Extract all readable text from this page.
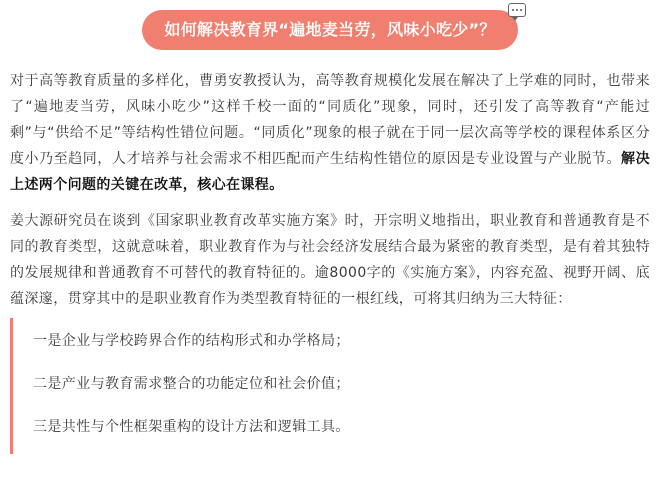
如何解决教育界“遍地麦当劳，风味小吃少”？

对于高等教育质量的多样化，曹勇安教授认为，高等教育规模化发展在解决了上学难的同时，也带来了“遍地麦当劳，风味小吃少”这样千校一面的“同质化”现象，同时，还引发了高等教育“产能过剩”与“供给不足”等结构性错位问题。“同质化”现象的根子就在于同一层次高等学校的课程体系区分度小乃至趋同，人才培养与社会需求不相匹配而产生结构性错位的原因是专业设置与产业脱节。解决上述两个问题的关键在改革，核心在课程。

姜大源研究员在谈到《国家职业教育改革实施方案》时，开宗明义地指出，职业教育和普通教育是不同的教育类型，这就意味着，职业教育作为与社会经济发展结合最为紧密的教育类型，是有着其独特的发展规律和普通教育不可替代的教育特征的。逾8000字的《实施方案》，内容充盈、视野开阔、底蕴深邃，贯穿其中的是职业教育作为类型教育特征的一根红线，可将其归纳为三大特征：

一是企业与学校跨界合作的结构形式和办学格局；
二是产业与教育需求整合的功能定位和社会价值；
三是共性与个性框架重构的设计方法和逻辑工具。
